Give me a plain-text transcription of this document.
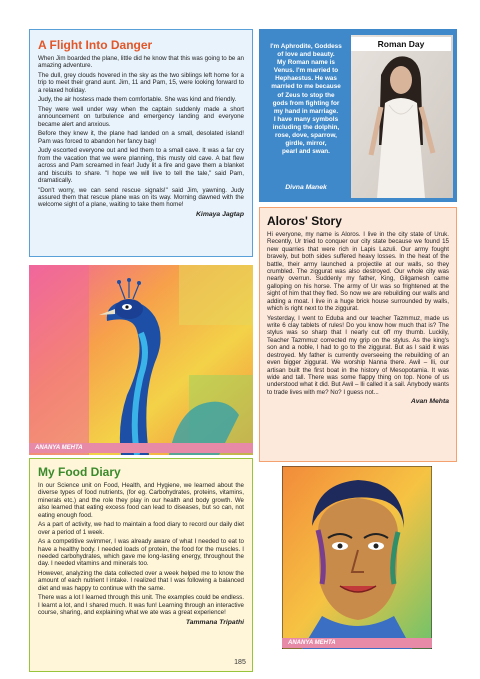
A Flight Into Danger

When Jim boarded the plane, little did he know that this was going to be an amazing adventure.

The dull, grey clouds hovered in the sky as the two siblings left home for a trip to meet their grand aunt. Jim, 11 and Pam, 15, were looking forward to a relaxed holiday.

Judy, the air hostess made them comfortable. She was kind and friendly.

They were well under way when the captain suddenly made a short announcement on turbulence and emergency landing and everyone became alert and anxious.

Before they knew it, the plane had landed on a small, desolated island! Pam was forced to abandon her fancy bag!

Judy escorted everyone out and led them to a small cave. It was a far cry from the vacation that we were planning, this musty old cave. A bat flew across and Pam screamed in fear! Judy lit a fire and gave them a blanket and biscuits to share. "I hope we will live to tell the tale," said Pam, dramatically.

"Don't worry, we can send rescue signals!" said Jim, yawning. Judy assured them that rescue plane was on its way. Morning dawned with the welcome sight of a plane, waiting to take them home!

Kimaya Jagtap
I'm Aphrodite, Goddess
of love and beauty.
My Roman name is
Venus. I'm married to
Hephaestus. He was
married to me because
of Zeus to stop the
gods from fighting for
my hand in marriage.
I have many symbols
including the dolphin,
rose, dove, sparrow,
girdle, mirror,
pearl and swan.
Divna Manek
Roman Day
ANANYA MEHTA
Aloros' Story

Hi everyone, my name is Aloros. I live in the city state of Uruk. Recently, Ur tried to conquer our city state because we found 15 new quarries that were rich in Lapis Lazuli. Our army fought bravely, but both sides suffered heavy losses. In the heat of the battle, their army launched a projectile at our walls, so they crumbled. The ziggurat was also destroyed. Our whole city was nearly overrun. Suddenly my father, King, Gilgamesh came galloping on his horse. The army of Ur was so frightened at the sight of him that they fled. So now we are rebuilding our walls and adding a moat. I live in a huge brick house surrounded by walls, which is right next to the ziggurat.

Yesterday, I went to Eduba and our teacher Tazmmuz, made us write 6 clay tablets of rules! Do you know how much that is? The stylus was so sharp that I nearly cut off my thumb. Luckily, Teacher Tazmmuz corrected my grip on the stylus. As the king's son and a noble, I had to go to the ziggurat. But as I said it was destroyed. My father is currently overseeing the rebuilding of an even bigger ziggurat. We worship Nanna there. Awil – Ili, our artisan built the first boat in the history of Mesopotamia. It was wide and tall. There was some flappy thing on top. None of us understood what it did. But Awil – Ili called it a sail. Anybody wants to trade lives with me? No? I guess not...

Avan Mehta
My Food Diary

In our Science unit on Food, Health, and Hygiene, we learned about the diverse types of food nutrients, (for eg. Carbohydrates, proteins, vitamins, minerals etc.) and the role they play in our health and body growth. We also learned that eating excess food can lead to diseases, but so can, not eating enough food.

As a part of activity, we had to maintain a food diary to record our daily diet over a period of 1 week.

As a competitive swimmer, I was already aware of what I needed to eat to have a healthy body. I needed loads of protein, the food for the muscles. I needed carbohydrates, which gave me long-lasting energy, throughout the day. I needed vitamins and minerals too.

However, analyzing the data collected over a week helped me to know the amount of each nutrient I intake. I realized that I was following a balanced diet and was happy to continue with the same.

There was a lot I learned through this unit. The examples could be endless. I learnt a lot, and I shared much. It was fun! Learning through an interactive course, sharing, and explaining what we ate was a great experience!

Tammana Tripathi
ANANYA MEHTA
185
